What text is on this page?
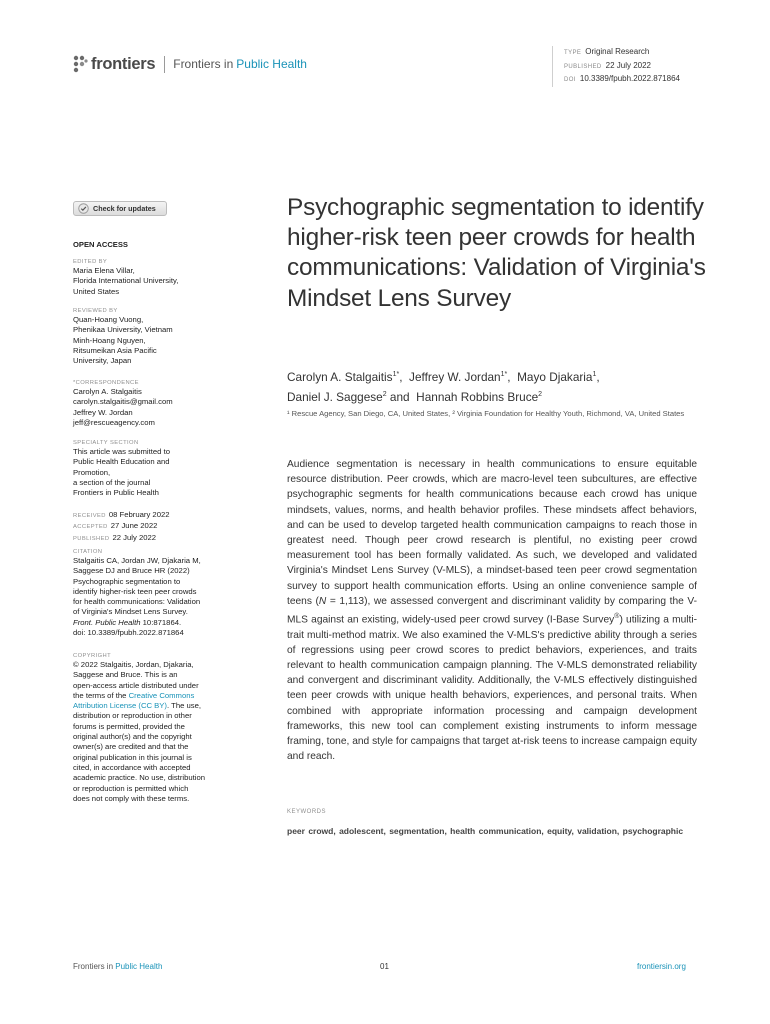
frontiers Frontiers in Public Health
TYPE Original Research
PUBLISHED 22 July 2022
DOI 10.3389/fpubh.2022.871864
Check for updates
OPEN ACCESS
EDITED BY
Maria Elena Villar,
Florida International University,
United States
REVIEWED BY
Quan-Hoang Vuong,
Phenikaa University, Vietnam
Minh-Hoang Nguyen,
Ritsumeikan Asia Pacific
University, Japan
*CORRESPONDENCE
Carolyn A. Stalgaitis
carolyn.stalgaitis@gmail.com
Jeffrey W. Jordan
jeff@rescueagency.com
SPECIALTY SECTION
This article was submitted to
Public Health Education and
Promotion,
a section of the journal
Frontiers in Public Health
RECEIVED 08 February 2022
ACCEPTED 27 June 2022
PUBLISHED 22 July 2022
CITATION
Stalgaitis CA, Jordan JW, Djakaria M,
Saggese DJ and Bruce HR (2022)
Psychographic segmentation to
identify higher-risk teen peer crowds
for health communications: Validation
of Virginia's Mindset Lens Survey.
Front. Public Health 10:871864.
doi: 10.3389/fpubh.2022.871864
COPYRIGHT
© 2022 Stalgaitis, Jordan, Djakaria,
Saggese and Bruce. This is an
open-access article distributed under
the terms of the Creative Commons
Attribution License (CC BY). The use,
distribution or reproduction in other
forums is permitted, provided the
original author(s) and the copyright
owner(s) are credited and that the
original publication in this journal is
cited, in accordance with accepted
academic practice. No use, distribution
or reproduction is permitted which
does not comply with these terms.
Psychographic segmentation to identify higher-risk teen peer crowds for health communications: Validation of Virginia's Mindset Lens Survey
Carolyn A. Stalgaitis$^{1*}$,  Jeffrey W. Jordan$^{1*}$,  Mayo Djakaria$^1$,
Daniel J. Saggese$^2$ and  Hannah Robbins Bruce$^2$
¹ Rescue Agency, San Diego, CA, United States, ² Virginia Foundation for Healthy Youth, Richmond, VA, United States
Audience segmentation is necessary in health communications to ensure equitable resource distribution. Peer crowds, which are macro-level teen subcultures, are effective psychographic segments for health communications because each crowd has unique mindsets, values, norms, and health behavior profiles. These mindsets affect behaviors, and can be used to develop targeted health communication campaigns to reach those in greatest need. Though peer crowd research is plentiful, no existing peer crowd measurement tool has been formally validated. As such, we developed and validated Virginia's Mindset Lens Survey (V-MLS), a mindset-based teen peer crowd segmentation survey to support health communication efforts. Using an online convenience sample of teens (N = 1,113), we assessed convergent and discriminant validity by comparing the V-MLS against an existing, widely-used peer crowd survey (I-Base Survey®) utilizing a multi-trait multi-method matrix. We also examined the V-MLS's predictive ability through a series of regressions using peer crowd scores to predict behaviors, experiences, and traits relevant to health communication campaign planning. The V-MLS demonstrated reliability and convergent and discriminant validity. Additionally, the V-MLS effectively distinguished teen peer crowds with unique health behaviors, experiences, and personal traits. When combined with appropriate information processing and campaign development frameworks, this new tool can complement existing instruments to inform message framing, tone, and style for campaigns that target at-risk teens to increase campaign equity and reach.
KEYWORDS
peer crowd, adolescent, segmentation, health communication, equity, validation, psychographic
Frontiers in Public Health	01	frontiersin.org
